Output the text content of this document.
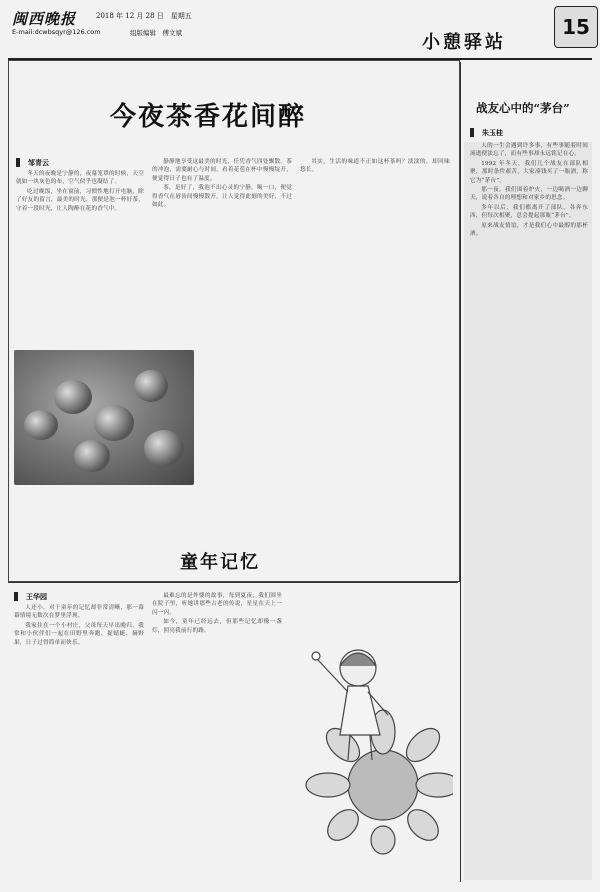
闽西晚报	2018 年 12 月 28 日　星期五
E-mail:dcwbsqyr@126.com	组版编辑　傅文斌	小憩驿站
15
今夜茶香花间醉
邹青云

冬天的夜晚是宁静的，夜幕笼罩的时候，天空就如一块灰色的布，空气似乎也凝结了。

吃过晚饭，坐在窗前，习惯性地打开电脑，除了好友的留言，最美的时光，那便是泡一杯好茶，守着一段时光，让人陶醉在花的香气中。

静静地享受这最美的时光，任凭香气四处飘散。茶的冲泡，需要耐心与时间，看着花苞在杯中慢慢绽开，便觉得日子也有了温度。

茶，是好了，我泡不出心灵的宁静，喝一口，便觉得香气在唇齿间慢慢散开，让人觉得此刻的美好，不过如此。

其实，生活的味道不正如这杯茶吗？淡淡的，却回味悠长。

童年记忆
王华园

人还小，对于童年的记忆却非常清晰，那一幕幕情境无数次在梦里浮现。

我家住在一个小村庄，父母每天早出晚归，我常和小伙伴们一起在田野里奔跑，捉蜻蜓、摘野果，日子过得简单而快乐。

最难忘的是外婆的故事，每到夏夜，我们围坐在院子里，听她讲那些古老的传说，星星在天上一闪一闪。

如今，童年已经远去，但那些记忆却像一盏灯，照亮我前行的路。

战友心中的“茅台”
朱玉桂

人的一生会遇到许多事，有些事随着时间流逝便淡忘了，而有些事却永远铭记在心。

1992 年冬天，我们几个战友在部队相聚，那时条件艰苦，大家凑钱买了一瓶酒，称它为“茅台”。

那一夜，我们围着炉火，一边喝酒一边聊天，说着各自的理想和对家乡的思念。

多年以后，我们都离开了部队，各奔东西，但每次相聚，总会提起那瓶“茅台”。

原来战友情谊，才是我们心中最醇的那杯酒。
